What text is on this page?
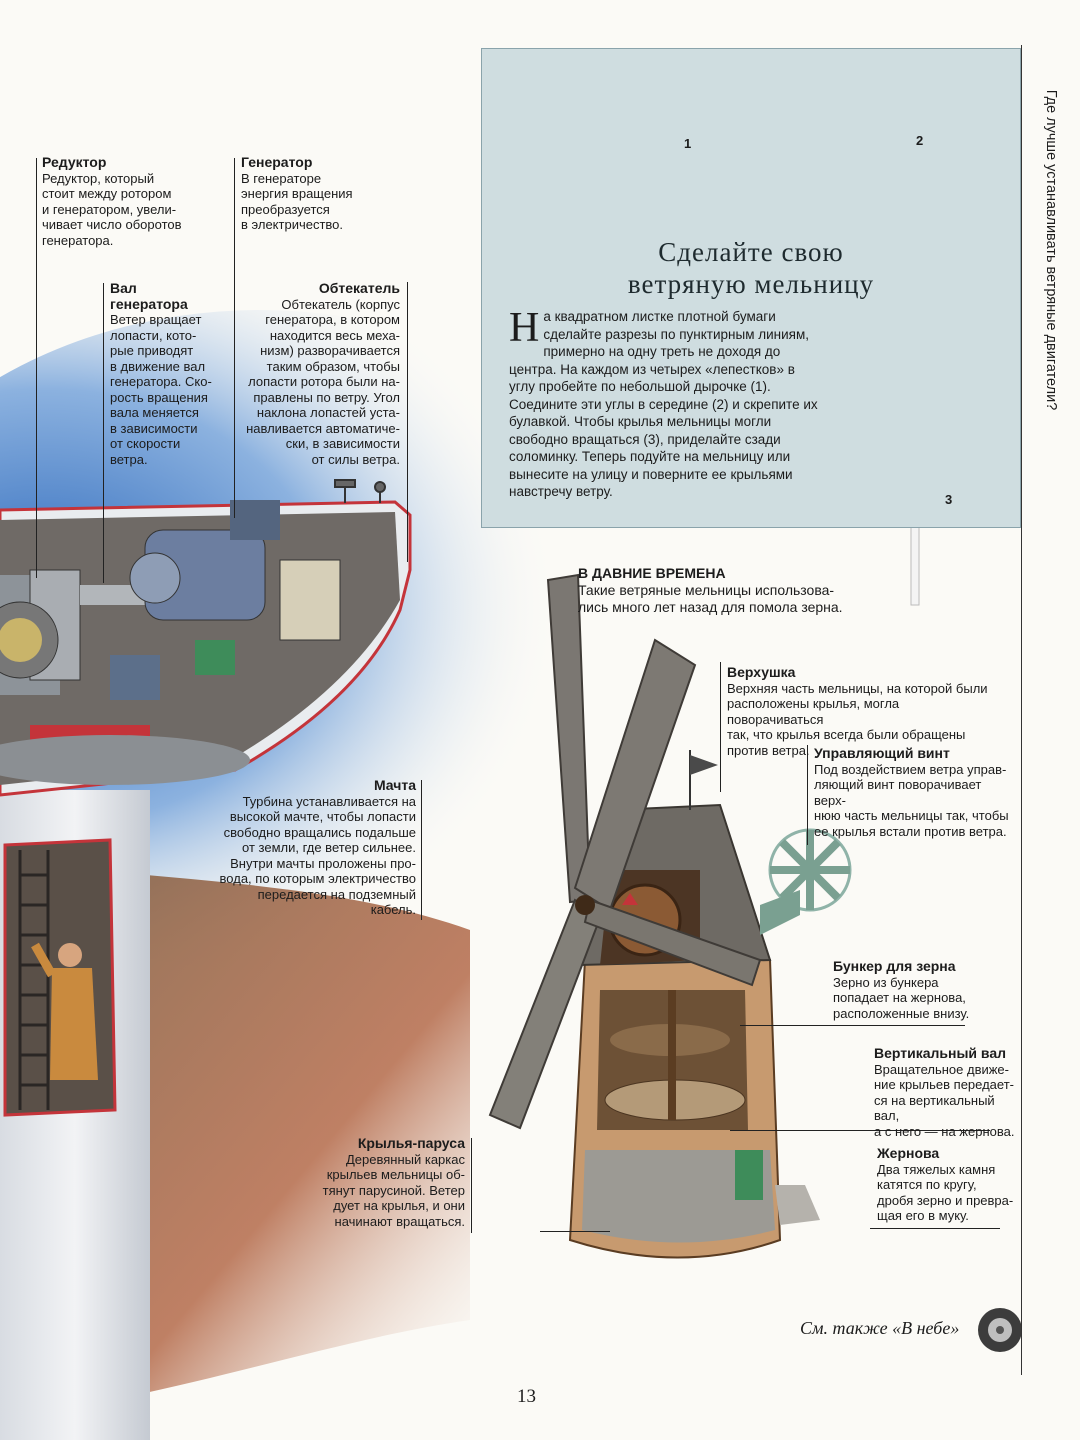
Редуктор

Редуктор, который

стоит между ротором

и генератором, увели-

чивает число оборотов

генератора.

Генератор

В генераторе

энергия вращения

преобразуется

в электричество.

Вал
генератора

Ветер вращает

лопасти, кото-

рые приводят

в движение вал

генератора. Ско-

рость вращения

вала меняется

в зависимости

от скорости

ветра.

Обтекатель

Обтекатель (корпус

генератора, в котором

находится весь меха-

низм) разворачивается

таким образом, чтобы

лопасти ротора были на-

правлены по ветру. Угол

наклона лопастей уста-

навливается автоматиче-

ски, в зависимости

от силы ветра.

Мачта

Турбина устанавливается на

высокой мачте, чтобы лопасти

свободно вращались подальше

от земли, где ветер сильнее.

Внутри мачты проложены про-

вода, по которым электричество

передается на подземный

кабель.

Крылья-паруса

Деревянный каркас

крыльев мельницы об-

тянут парусиной. Ветер

дует на крылья, и они

начинают вращаться.

В ДАВНИЕ ВРЕМЕНА

Такие ветряные мельницы использова-

лись много лет назад для помола зерна.

Верхушка

Верхняя часть мельницы, на которой были

расположены крылья, могла поворачиваться

так, что крылья всегда были обращены

против ветра. Управляющий винт

Под воздействием ветра управ-

ляющий винт поворачивает верх-

нюю часть мельницы так, чтобы

ее крылья встали против ветра.

Бункер для зерна

Зерно из бункера

попадает на жернова,

расположенные внизу.

Вертикальный вал

Вращательное движе-

ние крыльев передает-

ся на вертикальный вал,

а с него — на жернова.

Жернова

Два тяжелых камня

катятся по кругу,

дробя зерно и превра-

щая его в муку.

Сделайте свою
ветряную мельницу
Н а квадратном листке плотной бумаги сделайте разрезы по пунктирным линиям, примерно на одну треть не доходя до центра. На каждом из четырех «лепестков» в углу пробейте по небольшой дырочке (1). Соедините эти углы в середине (2) и скрепите их булавкой. Чтобы крылья мельницы могли свободно вращаться (3), приделайте сзади соломинку. Теперь подуйте на мельницу или вынесите на улицу и поверните ее крыльями навстречу ветру.
1	2
3
Где лучше устанавливать ветряные двигатели?
См. также «В небе»
13
